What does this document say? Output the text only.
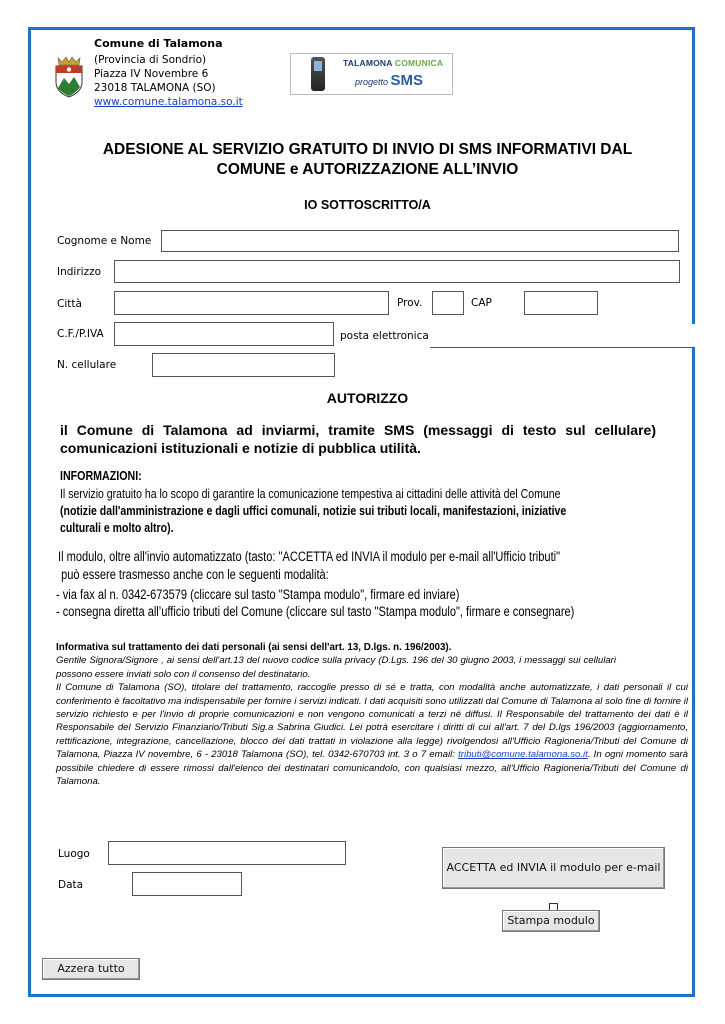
Comune di Talamona
(Provincia di Sondrio)
Piazza IV Novembre 6
23018 TALAMONA (SO)
www.comune.talamona.so.it
TALAMONA COMUNICA
progetto SMS
ADESIONE AL SERVIZIO GRATUITO DI INVIO DI SMS INFORMATIVI DAL
COMUNE e AUTORIZZAZIONE ALL’INVIO
IO SOTTOSCRITTO/A
Cognome e Nome
Indirizzo
Città	Prov.	CAP
C.F./P.IVA	posta elettronica
N. cellulare
AUTORIZZO
il Comune di Talamona ad inviarmi, tramite SMS (messaggi di testo sul cellulare) comunicazioni istituzionali e notizie di pubblica utilità.
INFORMAZIONI:
Il servizio gratuito ha lo scopo di garantire la comunicazione tempestiva ai cittadini delle attività del Comune
(notizie dall'amministrazione e dagli uffici comunali, notizie sui tributi locali, manifestazioni, iniziative
culturali e molto altro).
Il modulo, oltre all'invio automatizzato (tasto: "ACCETTA ed INVIA il modulo per e-mail all'Ufficio tributi"
può essere trasmesso anche con le seguenti modalità:
- via fax al n. 0342-673579 (cliccare sul tasto "Stampa modulo", firmare ed inviare)
- consegna diretta all’ufficio tributi del Comune (cliccare sul tasto "Stampa modulo", firmare e consegnare)
Informativa sul trattamento dei dati personali (ai sensi dell'art. 13, D.lgs. n. 196/2003).
Gentile Signora/Signore , ai sensi dell'art.13 del nuovo codice sulla privacy (D.Lgs. 196 del 30 giugno 2003, i messaggi sui cellulari possono essere inviati solo con il consenso del destinatario.
Il Comune di Talamona (SO), titolare del trattamento, raccoglie presso di sé e tratta, con modalità anche automatizzate, i dati personali il cui conferimento è facoltativo ma indispensabile per fornire i servizi indicati. I dati acquisiti sono utilizzati dal Comune di Talamona al solo fine di fornire il servizio richiesto e per l'invio di proprie comunicazioni e non vengono comunicati a terzi né diffusi. Il Responsabile del trattamento dei dati è il Responsabile del Servizio Finanziario/Tributi Sig.a Sabrina Giudici. Lei potrà esercitare i diritti di cui all'art. 7 del D.lgs 196/2003 (aggiornamento, rettificazione, integrazione, cancellazione, blocco dei dati trattati in violazione alla legge) rivolgendosi all'Ufficio Ragioneria/Tributi del Comune di Talamona, Piazza IV novembre, 6 - 23018 Talamona (SO), tel. 0342-670703 int. 3 o 7 email: tributi@comune.talamona.so.it. In ogni momento sarà possibile chiedere di essere rimossi dall'elenco dei destinatari comunicandolo, con qualsiasi mezzo, all'Ufficio Ragioneria/Tributi del Comune di Talamona.
Luogo
Data
ACCETTA ed INVIA il modulo per e-mail
Stampa modulo
Azzera tutto
